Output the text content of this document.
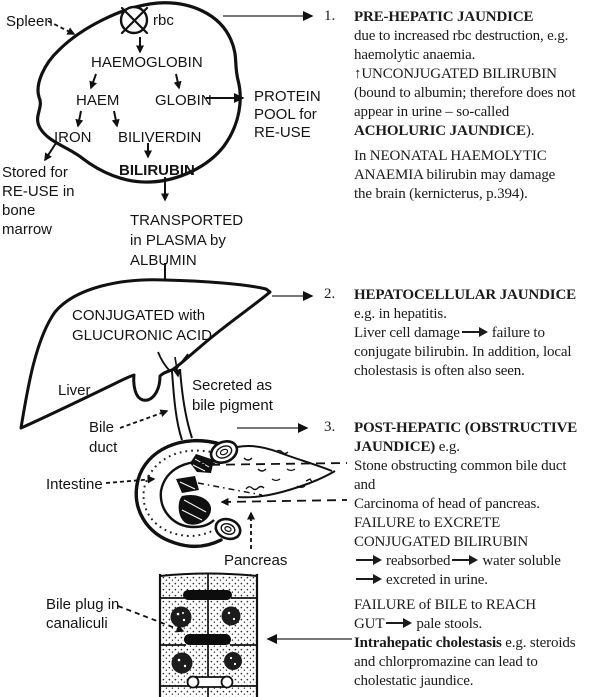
Spleen	rbc
HAEMOGLOBIN
HAEM GLOBIN
IRON BILIVERDIN
BILIRUBIN
PROTEIN
POOL for
RE-USE
Stored for
RE-USE in
bone
marrow
TRANSPORTED
in PLASMA by
ALBUMIN
CONJUGATED with
GLUCURONIC ACID
Liver	Secreted as
bile pigment
Bile
duct
Intestine
Pancreas
Bile plug in
canaliculi
1. PRE-HEPATIC JAUNDICE
due to increased rbc destruction, e.g.
haemolytic anaemia.
↑UNCONJUGATED BILIRUBIN
(bound to albumin; therefore does not
appear in urine – so-called
ACHOLURIC JAUNDICE).
In NEONATAL HAEMOLYTIC
ANAEMIA bilirubin may damage
the brain (kernicterus, p.394).
2. HEPATOCELLULAR JAUNDICE
e.g. in hepatitis.
Liver cell damage failure to
conjugate bilirubin. In addition, local
cholestasis is often also seen.
3. POST-HEPATIC (OBSTRUCTIVE
JAUNDICE) e.g.
Stone obstructing common bile duct
and
Carcinoma of head of pancreas.
FAILURE to EXCRETE
CONJUGATED BILIRUBIN
reabsorbed water soluble
excreted in urine.
FAILURE of BILE to REACH
GUT pale stools.
Intrahepatic cholestasis e.g. steroids
and chlorpromazine can lead to
cholestatic jaundice.
